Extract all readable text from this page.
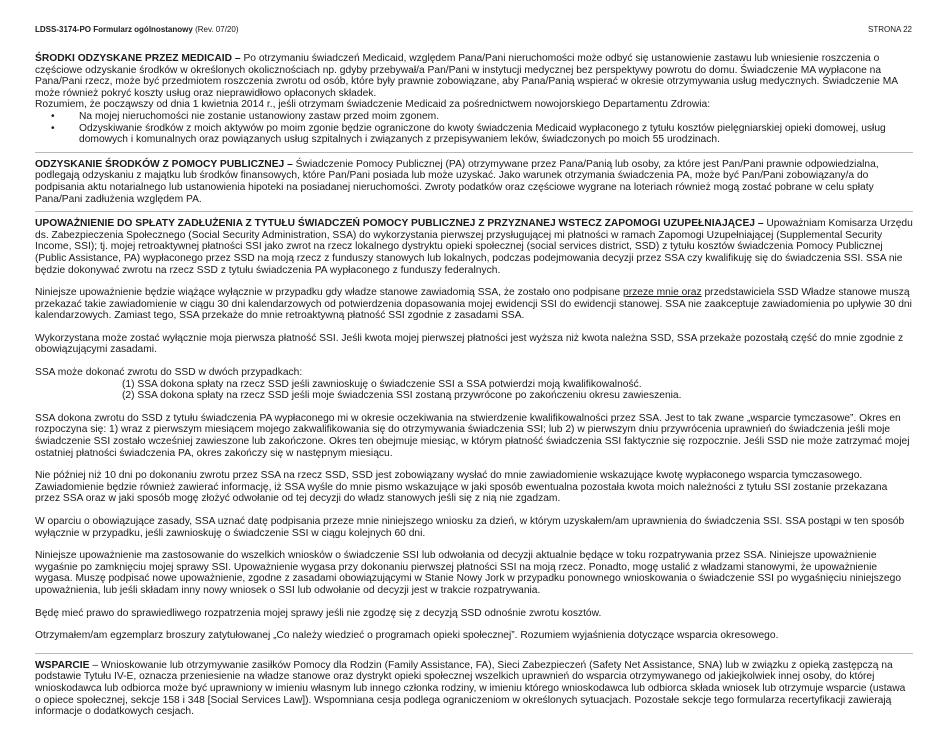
LDSS-3174-PO Formularz ogólnostanowy (Rev. 07/20)	STRONA 22

ŚRODKI ODZYSKANE PRZEZ MEDICAID – Po otrzymaniu świadczeń Medicaid, względem Pana/Pani nieruchomości może odbyć się ustanowienie zastawu lub wniesienie roszczenia o częściowe odzyskanie środków w określonych okolicznościach np. gdyby przebywał/a Pan/Pani w instytucji medycznej bez perspektywy powrotu do domu. Świadczenie MA wypłacone na Pana/Pani rzecz, może być przedmiotem roszczenia zwrotu od osób, które były prawnie zobowiązane, aby Pana/Panią wspierać w okresie otrzymywania usług medycznych. Świadczenie MA może również pokryć koszty usług oraz nieprawidłowo opłaconych składek.

Rozumiem, że począwszy od dnia 1 kwietnia 2014 r., jeśli otrzymam świadczenie Medicaid za pośrednictwem nowojorskiego Departamentu Zdrowia:

• Na mojej nieruchomości nie zostanie ustanowiony zastaw przed moim zgonem.
• Odzyskiwanie środków z moich aktywów po moim zgonie będzie ograniczone do kwoty świadczenia Medicaid wypłaconego z tytułu kosztów pielęgniarskiej opieki domowej, usług domowych i komunalnych oraz powiązanych usług szpitalnych i związanych z przepisywaniem leków, świadczonych po moich 55 urodzinach.

ODZYSKANIE ŚRODKÓW Z POMOCY PUBLICZNEJ – Świadczenie Pomocy Publicznej (PA) otrzymywane przez Pana/Panią lub osoby, za które jest Pan/Pani prawnie odpowiedzialna, podlegają odzyskaniu z majątku lub środków finansowych, które Pan/Pani posiada lub może uzyskać. Jako warunek otrzymania świadczenia PA, może być Pan/Pani zobowiązany/a do podpisania aktu notarialnego lub ustanowienia hipoteki na posiadanej nieruchomości. Zwroty podatków oraz częściowe wygrane na loteriach również mogą zostać pobrane w celu spłaty Pana/Pani zadłużenia względem PA.

UPOWAŻNIENIE DO SPŁATY ZADŁUŻENIA Z TYTUŁU ŚWIADCZEŃ POMOCY PUBLICZNEJ Z PRZYZNANEJ WSTECZ ZAPOMOGI UZUPEŁNIAJĄCEJ – Upoważniam Komisarza Urzędu ds. Zabezpieczenia Społecznego (Social Security Administration, SSA) do wykorzystania pierwszej przysługującej mi płatności w ramach Zapomogi Uzupełniającej (Supplemental Security Income, SSI); tj. mojej retroaktywnej płatności SSI jako zwrot na rzecz lokalnego dystryktu opieki społecznej (social services district, SSD) z tytułu kosztów świadczenia Pomocy Publicznej (Public Assistance, PA) wypłaconego przez SSD na moją rzecz z funduszy stanowych lub lokalnych, podczas podejmowania decyzji przez SSA czy kwalifikuję się do świadczenia SSI. SSA nie będzie dokonywać zwrotu na rzecz SSD z tytułu świadczenia PA wypłaconego z funduszy federalnych.

Niniejsze upoważnienie będzie wiążące wyłącznie w przypadku gdy władze stanowe zawiadomią SSA, że zostało ono podpisane przeze mnie oraz przedstawiciela SSD Władze stanowe muszą przekazać takie zawiadomienie w ciągu 30 dni kalendarzowych od potwierdzenia dopasowania mojej ewidencji SSI do ewidencji stanowej. SSA nie zaakceptuje zawiadomienia po upływie 30 dni kalendarzowych. Zamiast tego, SSA przekaże do mnie retroaktywną płatność SSI zgodnie z zasadami SSA.

Wykorzystana może zostać wyłącznie moja pierwsza płatność SSI. Jeśli kwota mojej pierwszej płatności jest wyższa niż kwota należna SSD, SSA przekaże pozostałą część do mnie zgodnie z obowiązującymi zasadami.

SSA może dokonać zwrotu do SSD w dwóch przypadkach:

(1) SSA dokona spłaty na rzecz SSD jeśli zawnioskuję o świadczenie SSI a SSA potwierdzi moją kwalifikowalność.

(2) SSA dokona spłaty na rzecz SSD jeśli moje świadczenia SSI zostaną przywrócone po zakończeniu okresu zawieszenia.

SSA dokona zwrotu do SSD z tytułu świadczenia PA wypłaconego mi w okresie oczekiwania na stwierdzenie kwalifikowalności przez SSA. Jest to tak zwane „wsparcie tymczasowe”. Okres en rozpoczyna się: 1) wraz z pierwszym miesiącem mojego zakwalifikowania się do otrzymywania świadczenia SSI; lub 2) w pierwszym dniu przywrócenia uprawnień do świadczenia jeśli moje świadczenie SSI zostało wcześniej zawieszone lub zakończone. Okres ten obejmuje miesiąc, w którym płatność świadczenia SSI faktycznie się rozpocznie. Jeśli SSD nie może zatrzymać mojej ostatniej płatności świadczenia PA, okres zakończy się w następnym miesiącu.

Nie później niż 10 dni po dokonaniu zwrotu przez SSA na rzecz SSD, SSD jest zobowiązany wysłać do mnie zawiadomienie wskazujące kwotę wypłaconego wsparcia tymczasowego. Zawiadomienie będzie również zawierać informację, iż SSA wyśle do mnie pismo wskazujące w jaki sposób ewentualna pozostała kwota moich należności z tytułu SSI zostanie przekazana przez SSA oraz w jaki sposób mogę złożyć odwołanie od tej decyzji do władz stanowych jeśli się z nią nie zgadzam.

W oparciu o obowiązujące zasady, SSA uznać datę podpisania przeze mnie niniejszego wniosku za dzień, w którym uzyskałem/am uprawnienia do świadczenia SSI. SSA postąpi w ten sposób wyłącznie w przypadku, jeśli zawnioskuję o świadczenie SSI w ciągu kolejnych 60 dni.

Niniejsze upoważnienie ma zastosowanie do wszelkich wniosków o świadczenie SSI lub odwołania od decyzji aktualnie będące w toku rozpatrywania przez SSA. Niniejsze upoważnienie wygaśnie po zamknięciu mojej sprawy SSI. Upoważnienie wygasa przy dokonaniu pierwszej płatności SSI na moją rzecz. Ponadto, mogę ustalić z władzami stanowymi, że upoważnienie wygasa. Muszę podpisać nowe upoważnienie, zgodne z zasadami obowiązującymi w Stanie Nowy Jork w przypadku ponownego wnioskowania o świadczenie SSI po wygaśnięciu niniejszego upoważnienia, lub jeśli składam inny nowy wniosek o SSI lub odwołanie od decyzji jest w trakcie rozpatrywania.

Będę mieć prawo do sprawiedliwego rozpatrzenia mojej sprawy jeśli nie zgodzę się z decyzją SSD odnośnie zwrotu kosztów.

Otrzymałem/am egzemplarz broszury zatytułowanej „Co należy wiedzieć o programach opieki społecznej”. Rozumiem wyjaśnienia dotyczące wsparcia okresowego.

WSPARCIE – Wnioskowanie lub otrzymywanie zasiłków Pomocy dla Rodzin (Family Assistance, FA), Sieci Zabezpieczeń (Safety Net Assistance, SNA) lub w związku z opieką zastępczą na podstawie Tytułu IV-E, oznacza przeniesienie na władze stanowe oraz dystrykt opieki społecznej wszelkich uprawnień do wsparcia otrzymywanego od jakiejkolwiek innej osoby, do której wnioskodawca lub odbiorca może być uprawniony w imieniu własnym lub innego członka rodziny, w imieniu którego wnioskodawca lub odbiorca składa wniosek lub otrzymuje wsparcie (ustawa o opiece społecznej, sekcje 158 i 348 [Social Services Law]). Wspomniana cesja podlega ograniczeniom w określonych sytuacjach. Pozostałe sekcje tego formularza recertyfikacji zawierają informacje o dodatkowych cesjach.
